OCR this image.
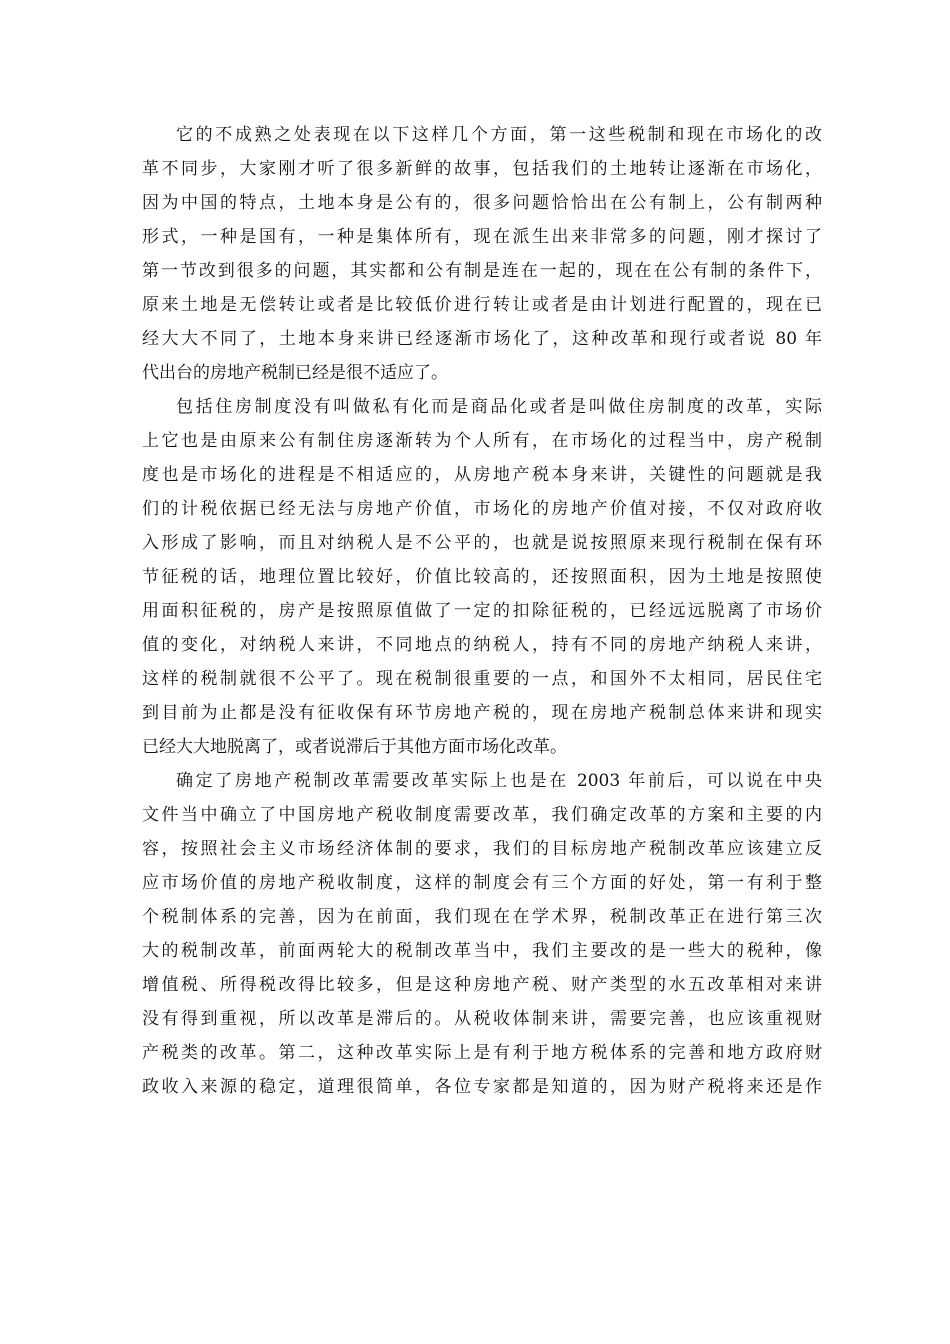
它的不成熟之处表现在以下这样几个方面，第一这些税制和现在市场化的改
革不同步，大家刚才听了很多新鲜的故事，包括我们的土地转让逐渐在市场化，
因为中国的特点，土地本身是公有的，很多问题恰恰出在公有制上，公有制两种
形式，一种是国有，一种是集体所有，现在派生出来非常多的问题，刚才探讨了
第一节改到很多的问题，其实都和公有制是连在一起的，现在在公有制的条件下，
原来土地是无偿转让或者是比较低价进行转让或者是由计划进行配置的，现在已
经大大不同了，土地本身来讲已经逐渐市场化了，这种改革和现行或者说 80 年
代出台的房地产税制已经是很不适应了。
包括住房制度没有叫做私有化而是商品化或者是叫做住房制度的改革，实际
上它也是由原来公有制住房逐渐转为个人所有，在市场化的过程当中，房产税制
度也是市场化的进程是不相适应的，从房地产税本身来讲，关键性的问题就是我
们的计税依据已经无法与房地产价值，市场化的房地产价值对接，不仅对政府收
入形成了影响，而且对纳税人是不公平的，也就是说按照原来现行税制在保有环
节征税的话，地理位置比较好，价值比较高的，还按照面积，因为土地是按照使
用面积征税的，房产是按照原值做了一定的扣除征税的，已经远远脱离了市场价
值的变化，对纳税人来讲，不同地点的纳税人，持有不同的房地产纳税人来讲，
这样的税制就很不公平了。现在税制很重要的一点，和国外不太相同，居民住宅
到目前为止都是没有征收保有环节房地产税的，现在房地产税制总体来讲和现实
已经大大地脱离了，或者说滞后于其他方面市场化改革。
确定了房地产税制改革需要改革实际上也是在 2003 年前后，可以说在中央
文件当中确立了中国房地产税收制度需要改革，我们确定改革的方案和主要的内
容，按照社会主义市场经济体制的要求，我们的目标房地产税制改革应该建立反
应市场价值的房地产税收制度，这样的制度会有三个方面的好处，第一有利于整
个税制体系的完善，因为在前面，我们现在在学术界，税制改革正在进行第三次
大的税制改革，前面两轮大的税制改革当中，我们主要改的是一些大的税种，像
增值税、所得税改得比较多，但是这种房地产税、财产类型的水五改革相对来讲
没有得到重视，所以改革是滞后的。从税收体制来讲，需要完善，也应该重视财
产税类的改革。第二，这种改革实际上是有利于地方税体系的完善和地方政府财
政收入来源的稳定，道理很简单，各位专家都是知道的，因为财产税将来还是作
